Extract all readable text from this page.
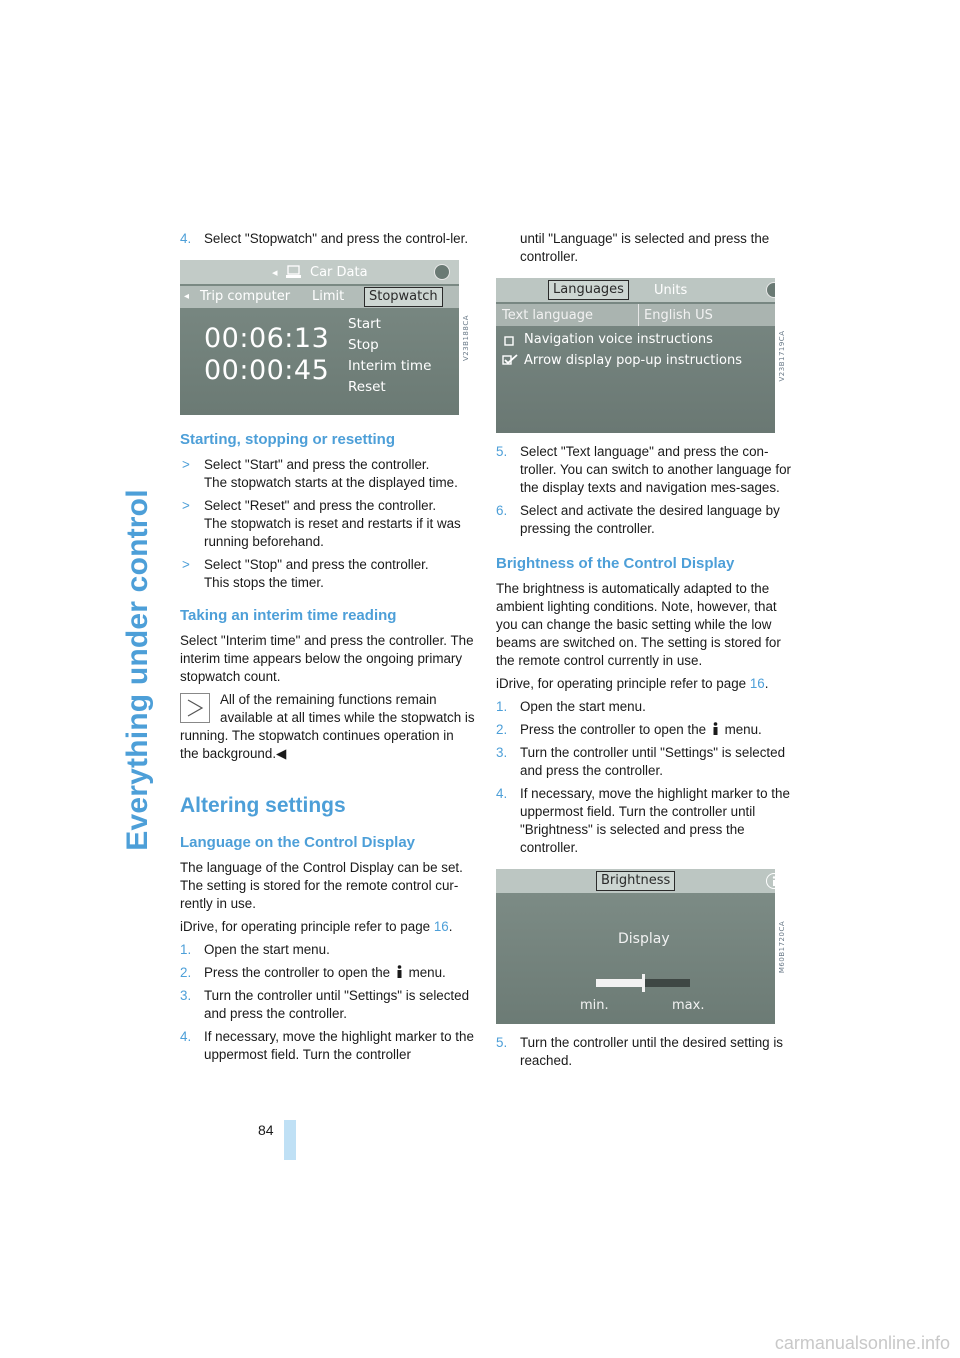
Everything under control
84
4. Select "Stopwatch" and press the control-ler.
◂ Car Data
◂ Trip computer Limit	Stopwatch
00:06:13
00:00:45
Start
Stop
Interim time
Reset
V23B188CA
Starting, stopping or resetting
> Select "Start" and press the controller.
The stopwatch starts at the displayed time.
> Select "Reset" and press the controller.
The stopwatch is reset and restarts if it was running beforehand.
> Select "Stop" and press the controller.
This stops the timer.
Taking an interim time reading

Select "Interim time" and press the controller. The interim time appears below the ongoing primary stopwatch count.

All of the remaining functions remain available at all times while the stopwatch is running. The stopwatch continues operation in the background.◀
Altering settings
Language on the Control Display

The language of the Control Display can be set. The setting is stored for the remote control cur-rently in use.

iDrive, for operating principle refer to page 16.

1. Open the start menu.
2. Press the controller to open the menu.
3. Turn the controller until "Settings" is selected and press the controller.
4. If necessary, move the highlight marker to the uppermost field. Turn the controller

until "Language" is selected and press the controller.

Languages	Units
Text language	English US
Navigation voice instructions
Arrow display pop-up instructions	V23B1719CA
5. Select "Text language" and press the con-troller. You can switch to another language for the display texts and navigation mes-sages.
6. Select and activate the desired language by pressing the controller.
Brightness of the Control Display

The brightness is automatically adapted to the ambient lighting conditions. Note, however, that you can change the basic setting while the low beams are switched on. The setting is stored for the remote control currently in use.

iDrive, for operating principle refer to page 16.

1. Open the start menu.
2. Press the controller to open the menu.
3. Turn the controller until "Settings" is selected and press the controller.
4. If necessary, move the highlight marker to the uppermost field. Turn the controller until "Brightness" is selected and press the controller.
Brightness
Display
min.	max.
M60B1720CA
5. Turn the controller until the desired setting is reached.
carmanualsonline.info
